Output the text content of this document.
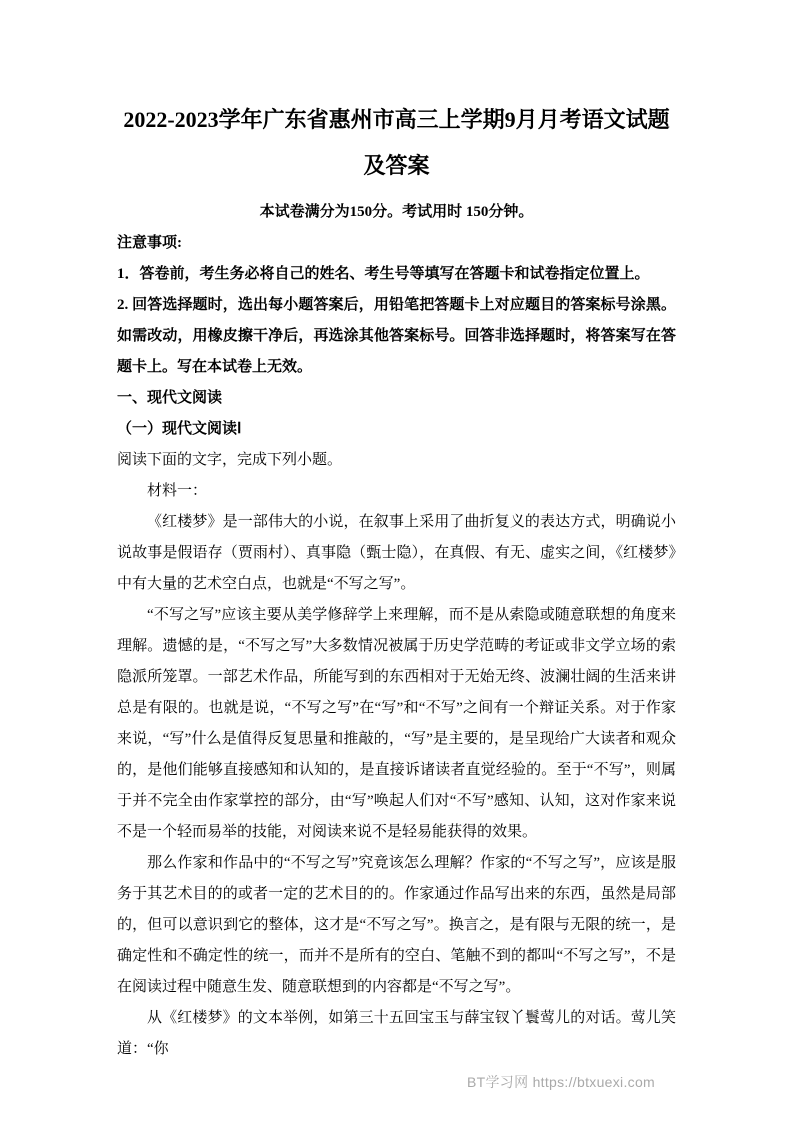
2022-2023学年广东省惠州市高三上学期9月月考语文试题
及答案

本试卷满分为150分。考试用时 150分钟。

注意事项:

1．答卷前，考生务必将自己的姓名、考生号等填写在答题卡和试卷指定位置上。

2. 回答选择题时，选出每小题答案后，用铅笔把答题卡上对应题目的答案标号涂黑。如需改动，用橡皮擦干净后，再选涂其他答案标号。回答非选择题时，将答案写在答题卡上。写在本试卷上无效。

一、现代文阅读

（一）现代文阅读Ⅰ

阅读下面的文字，完成下列小题。

材料一：

《红楼梦》是一部伟大的小说，在叙事上采用了曲折复义的表达方式，明确说小说故事是假语存（贾雨村）、真事隐（甄士隐），在真假、有无、虚实之间，《红楼梦》中有大量的艺术空白点，也就是“不写之写”。

“不写之写”应该主要从美学修辞学上来理解，而不是从索隐或随意联想的角度来理解。遗憾的是，“不写之写”大多数情况被属于历史学范畴的考证或非文学立场的索隐派所笼罩。一部艺术作品，所能写到的东西相对于无始无终、波澜壮阔的生活来讲总是有限的。也就是说，“不写之写”在“写”和“不写”之间有一个辩证关系。对于作家来说，“写”什么是值得反复思量和推敲的，“写”是主要的，是呈现给广大读者和观众的，是他们能够直接感知和认知的，是直接诉诸读者直觉经验的。至于“不写”，则属于并不完全由作家掌控的部分，由“写”唤起人们对“不写”感知、认知，这对作家来说不是一个轻而易举的技能，对阅读来说不是轻易能获得的效果。

那么作家和作品中的“不写之写”究竟该怎么理解？作家的“不写之写”，应该是服务于其艺术目的的或者一定的艺术目的的。作家通过作品写出来的东西，虽然是局部的，但可以意识到它的整体，这才是“不写之写”。换言之，是有限与无限的统一，是确定性和不确定性的统一，而并不是所有的空白、笔触不到的都叫“不写之写”，不是在阅读过程中随意生发、随意联想到的内容都是“不写之写”。

从《红楼梦》的文本举例，如第三十五回宝玉与薛宝钗丫鬟莺儿的对话。莺儿笑道：“你

BT学习网 https://btxuexi.com
